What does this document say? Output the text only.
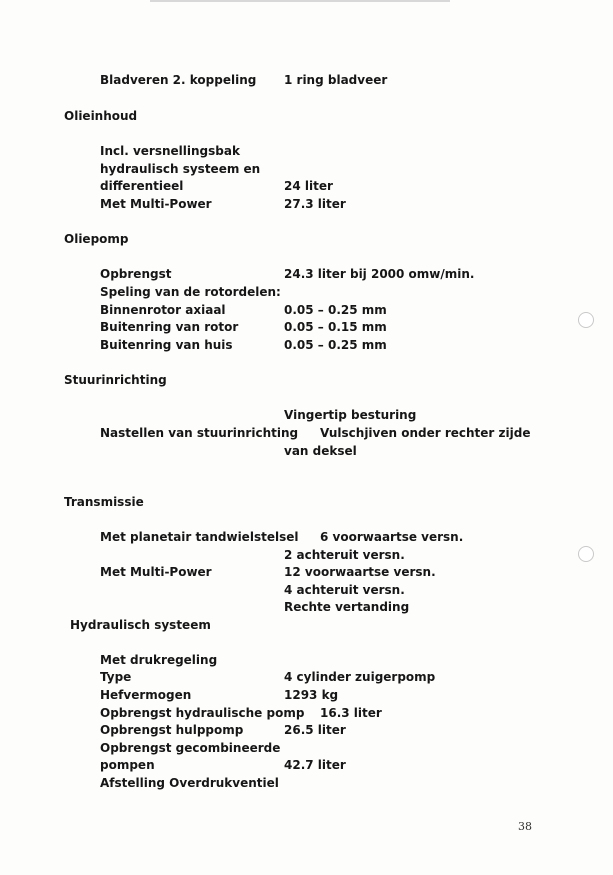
Bladveren 2. koppeling 1 ring bladveer
Olieinhoud
Incl. versnellingsbak
hydraulisch systeem en
differentieel	24 liter
Met Multi-Power	27.3 liter
Oliepomp
Opbrengst	24.3 liter bij 2000 omw/min.
Speling van de rotordelen:
Binnenrotor axiaal	0.05 – 0.25 mm
Buitenring van rotor	0.05 – 0.15 mm
Buitenring van huis	0.05 – 0.25 mm
Stuurinrichting
Vingertip besturing
Nastellen van stuurinrichting Vulschjiven onder rechter zijde
van deksel
Transmissie
Met planetair tandwielstelsel 6 voorwaartse versn.
2 achteruit versn.
Met Multi-Power	12 voorwaartse versn.
4 achteruit versn.
Rechte vertanding
Hydraulisch systeem
Met drukregeling
Type	4 cylinder zuigerpomp
Hefvermogen	1293 kg
Opbrengst hydraulische pomp 16.3 liter
Opbrengst hulppomp	26.5 liter
Opbrengst gecombineerde
pompen	42.7 liter
Afstelling Overdrukventiel
38
